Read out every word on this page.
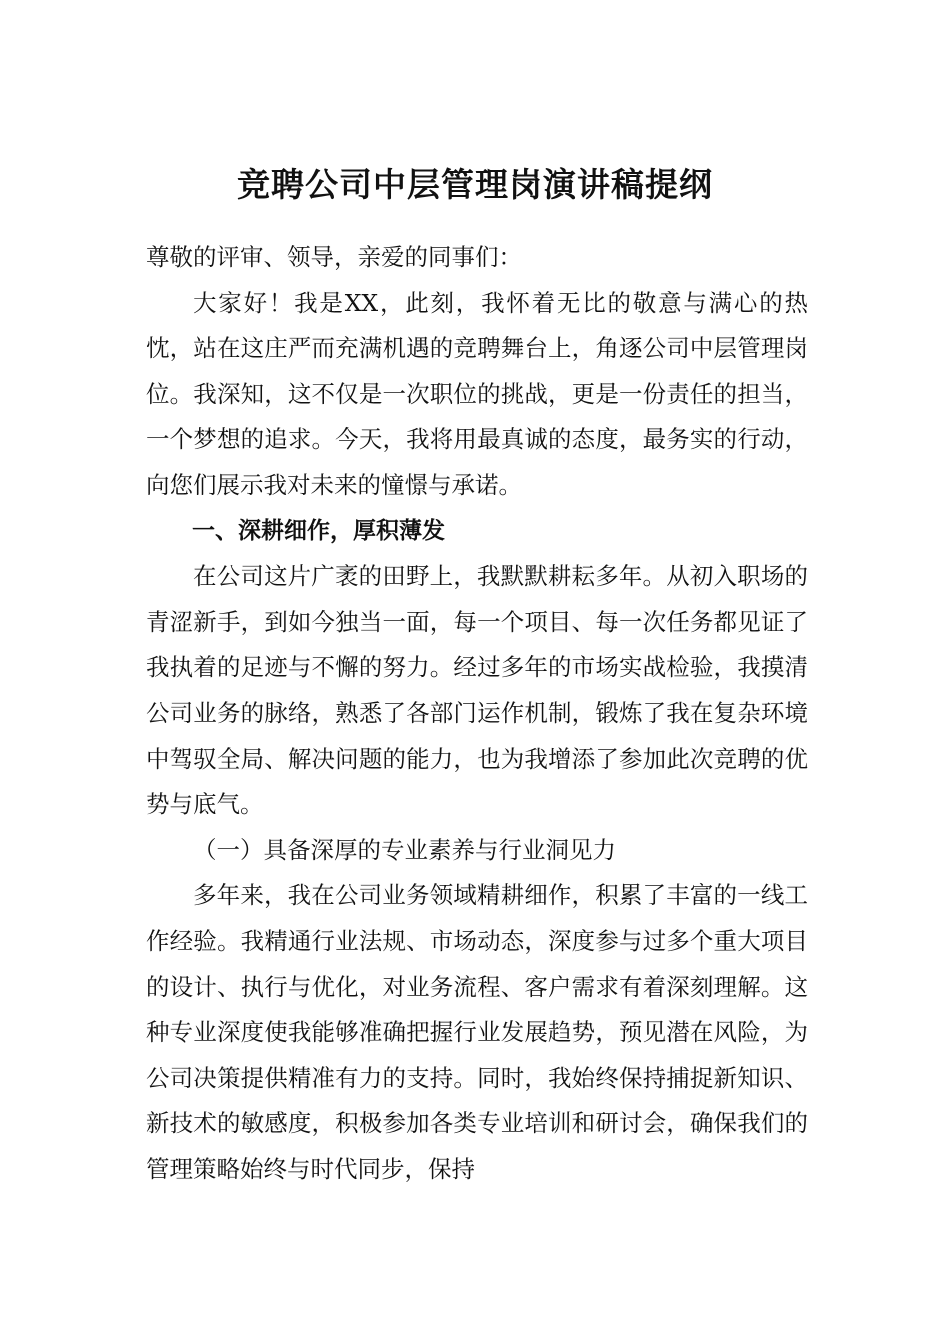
竞聘公司中层管理岗演讲稿提纲

尊敬的评审、领导，亲爱的同事们：

大家好！我是XX，此刻，我怀着无比的敬意与满心的热忱，站在这庄严而充满机遇的竞聘舞台上，角逐公司中层管理岗位。我深知，这不仅是一次职位的挑战，更是一份责任的担当，一个梦想的追求。今天，我将用最真诚的态度，最务实的行动，向您们展示我对未来的憧憬与承诺。

一、深耕细作，厚积薄发

在公司这片广袤的田野上，我默默耕耘多年。从初入职场的青涩新手，到如今独当一面，每一个项目、每一次任务都见证了我执着的足迹与不懈的努力。经过多年的市场实战检验，我摸清公司业务的脉络，熟悉了各部门运作机制，锻炼了我在复杂环境中驾驭全局、解决问题的能力，也为我增添了参加此次竞聘的优势与底气。

（一）具备深厚的专业素养与行业洞见力

多年来，我在公司业务领域精耕细作，积累了丰富的一线工作经验。我精通行业法规、市场动态，深度参与过多个重大项目的设计、执行与优化，对业务流程、客户需求有着深刻理解。这种专业深度使我能够准确把握行业发展趋势，预见潜在风险，为公司决策提供精准有力的支持。同时，我始终保持捕捉新知识、新技术的敏感度，积极参加各类专业培训和研讨会，确保我们的管理策略始终与时代同步，保持
